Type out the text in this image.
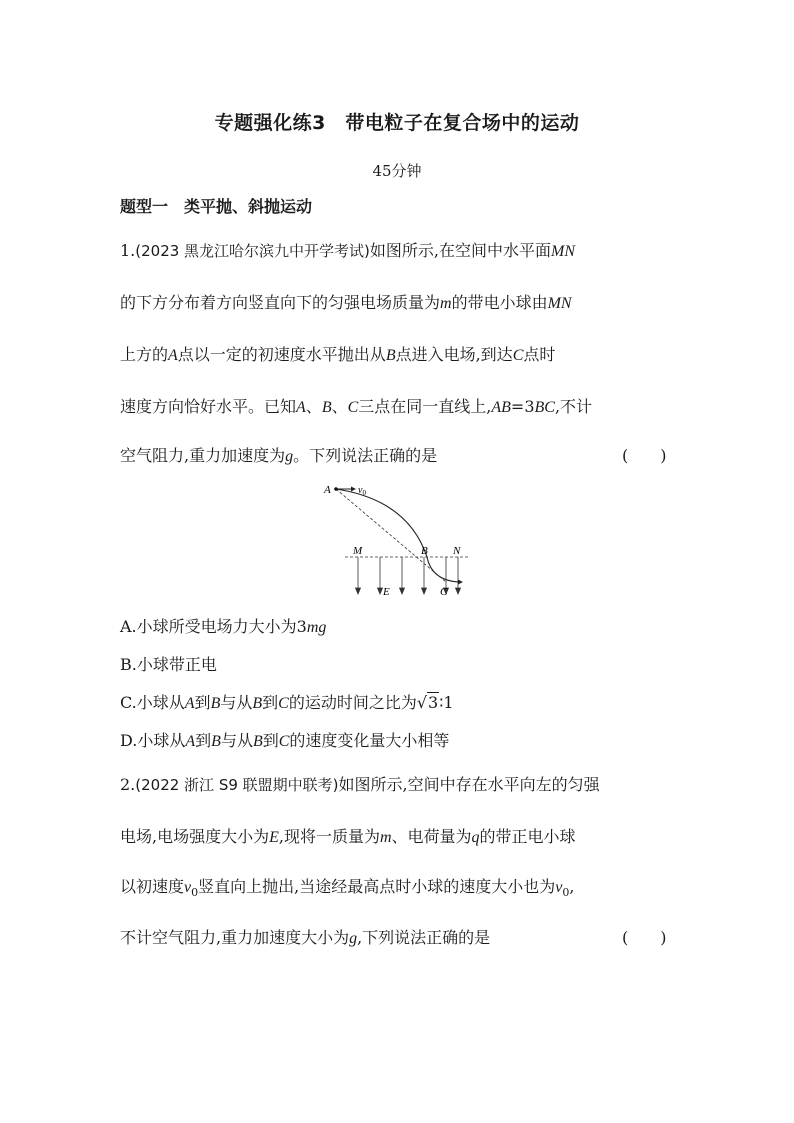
专题强化练3　带电粒子在复合场中的运动
45分钟
题型一　类平抛、斜抛运动
1.(2023 黑龙江哈尔滨九中开学考试)如图所示,在空间中水平面MN
的下方分布着方向竖直向下的匀强电场质量为m的带电小球由MN
上方的A点以一定的初速度水平抛出从B点进入电场,到达C点时
速度方向恰好水平。已知A、B、C三点在同一直线上,AB=3BC,不计
空气阻力,重力加速度为g。下列说法正确的是	(　　)
A	$v_0$
M	B N
E	C
A.小球所受电场力大小为3mg
B.小球带正电
C.小球从A到B与从B到C的运动时间之比为√3∶1
D.小球从A到B与从B到C的速度变化量大小相等
2.(2022 浙江 S9 联盟期中联考)如图所示,空间中存在水平向左的匀强
电场,电场强度大小为E,现将一质量为m、电荷量为q的带正电小球
以初速度$v_0$竖直向上抛出,当途经最高点时小球的速度大小也为$v_0$,
不计空气阻力,重力加速度大小为g,下列说法正确的是	(　　)
